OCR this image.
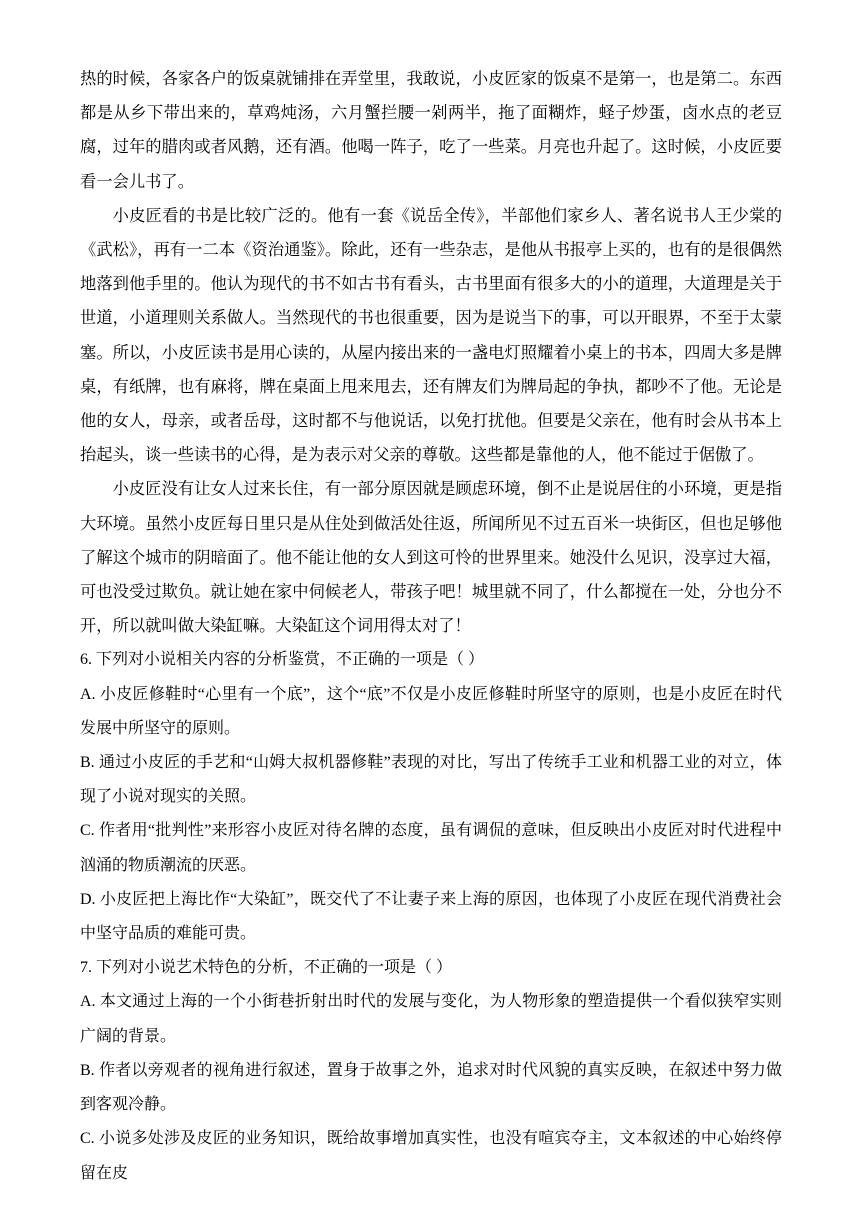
热的时候，各家各户的饭桌就铺排在弄堂里，我敢说，小皮匠家的饭桌不是第一，也是第二。东西都是从乡下带出来的，草鸡炖汤，六月蟹拦腰一剁两半，拖了面糊炸，蛏子炒蛋，卤水点的老豆腐，过年的腊肉或者风鹅，还有酒。他喝一阵子，吃了一些菜。月亮也升起了。这时候，小皮匠要看一会儿书了。

小皮匠看的书是比较广泛的。他有一套《说岳全传》，半部他们家乡人、著名说书人王少棠的《武松》，再有一二本《资治通鉴》。除此，还有一些杂志，是他从书报亭上买的，也有的是很偶然地落到他手里的。他认为现代的书不如古书有看头，古书里面有很多大的小的道理，大道理是关于世道，小道理则关系做人。当然现代的书也很重要，因为是说当下的事，可以开眼界，不至于太蒙塞。所以，小皮匠读书是用心读的，从屋内接出来的一盏电灯照耀着小桌上的书本，四周大多是牌桌，有纸牌，也有麻将，牌在桌面上甩来甩去，还有牌友们为牌局起的争执，都吵不了他。无论是他的女人，母亲，或者岳母，这时都不与他说话，以免打扰他。但要是父亲在，他有时会从书本上抬起头，谈一些读书的心得，是为表示对父亲的尊敬。这些都是靠他的人，他不能过于倨傲了。

小皮匠没有让女人过来长住，有一部分原因就是顾虑环境，倒不止是说居住的小环境，更是指大环境。虽然小皮匠每日里只是从住处到做活处往返，所闻所见不过五百米一块街区，但也足够他了解这个城市的阴暗面了。他不能让他的女人到这可怜的世界里来。她没什么见识，没享过大福，可也没受过欺负。就让她在家中伺候老人，带孩子吧！城里就不同了，什么都搅在一处，分也分不开，所以就叫做大染缸嘛。大染缸这个词用得太对了！

6. 下列对小说相关内容的分析鉴赏，不正确的一项是（ ）

A. 小皮匠修鞋时“心里有一个底”，这个“底”不仅是小皮匠修鞋时所坚守的原则，也是小皮匠在时代发展中所坚守的原则。

B. 通过小皮匠的手艺和“山姆大叔机器修鞋”表现的对比，写出了传统手工业和机器工业的对立，体现了小说对现实的关照。

C. 作者用“批判性”来形容小皮匠对待名牌的态度，虽有调侃的意味，但反映出小皮匠对时代进程中汹涌的物质潮流的厌恶。

D. 小皮匠把上海比作“大染缸”，既交代了不让妻子来上海的原因，也体现了小皮匠在现代消费社会中坚守品质的难能可贵。

7. 下列对小说艺术特色的分析，不正确的一项是（ ）

A. 本文通过上海的一个小街巷折射出时代的发展与变化，为人物形象的塑造提供一个看似狭窄实则广阔的背景。

B. 作者以旁观者的视角进行叙述，置身于故事之外，追求对时代风貌的真实反映，在叙述中努力做到客观冷静。

C. 小说多处涉及皮匠的业务知识，既给故事增加真实性，也没有喧宾夺主，文本叙述的中心始终停留在皮
